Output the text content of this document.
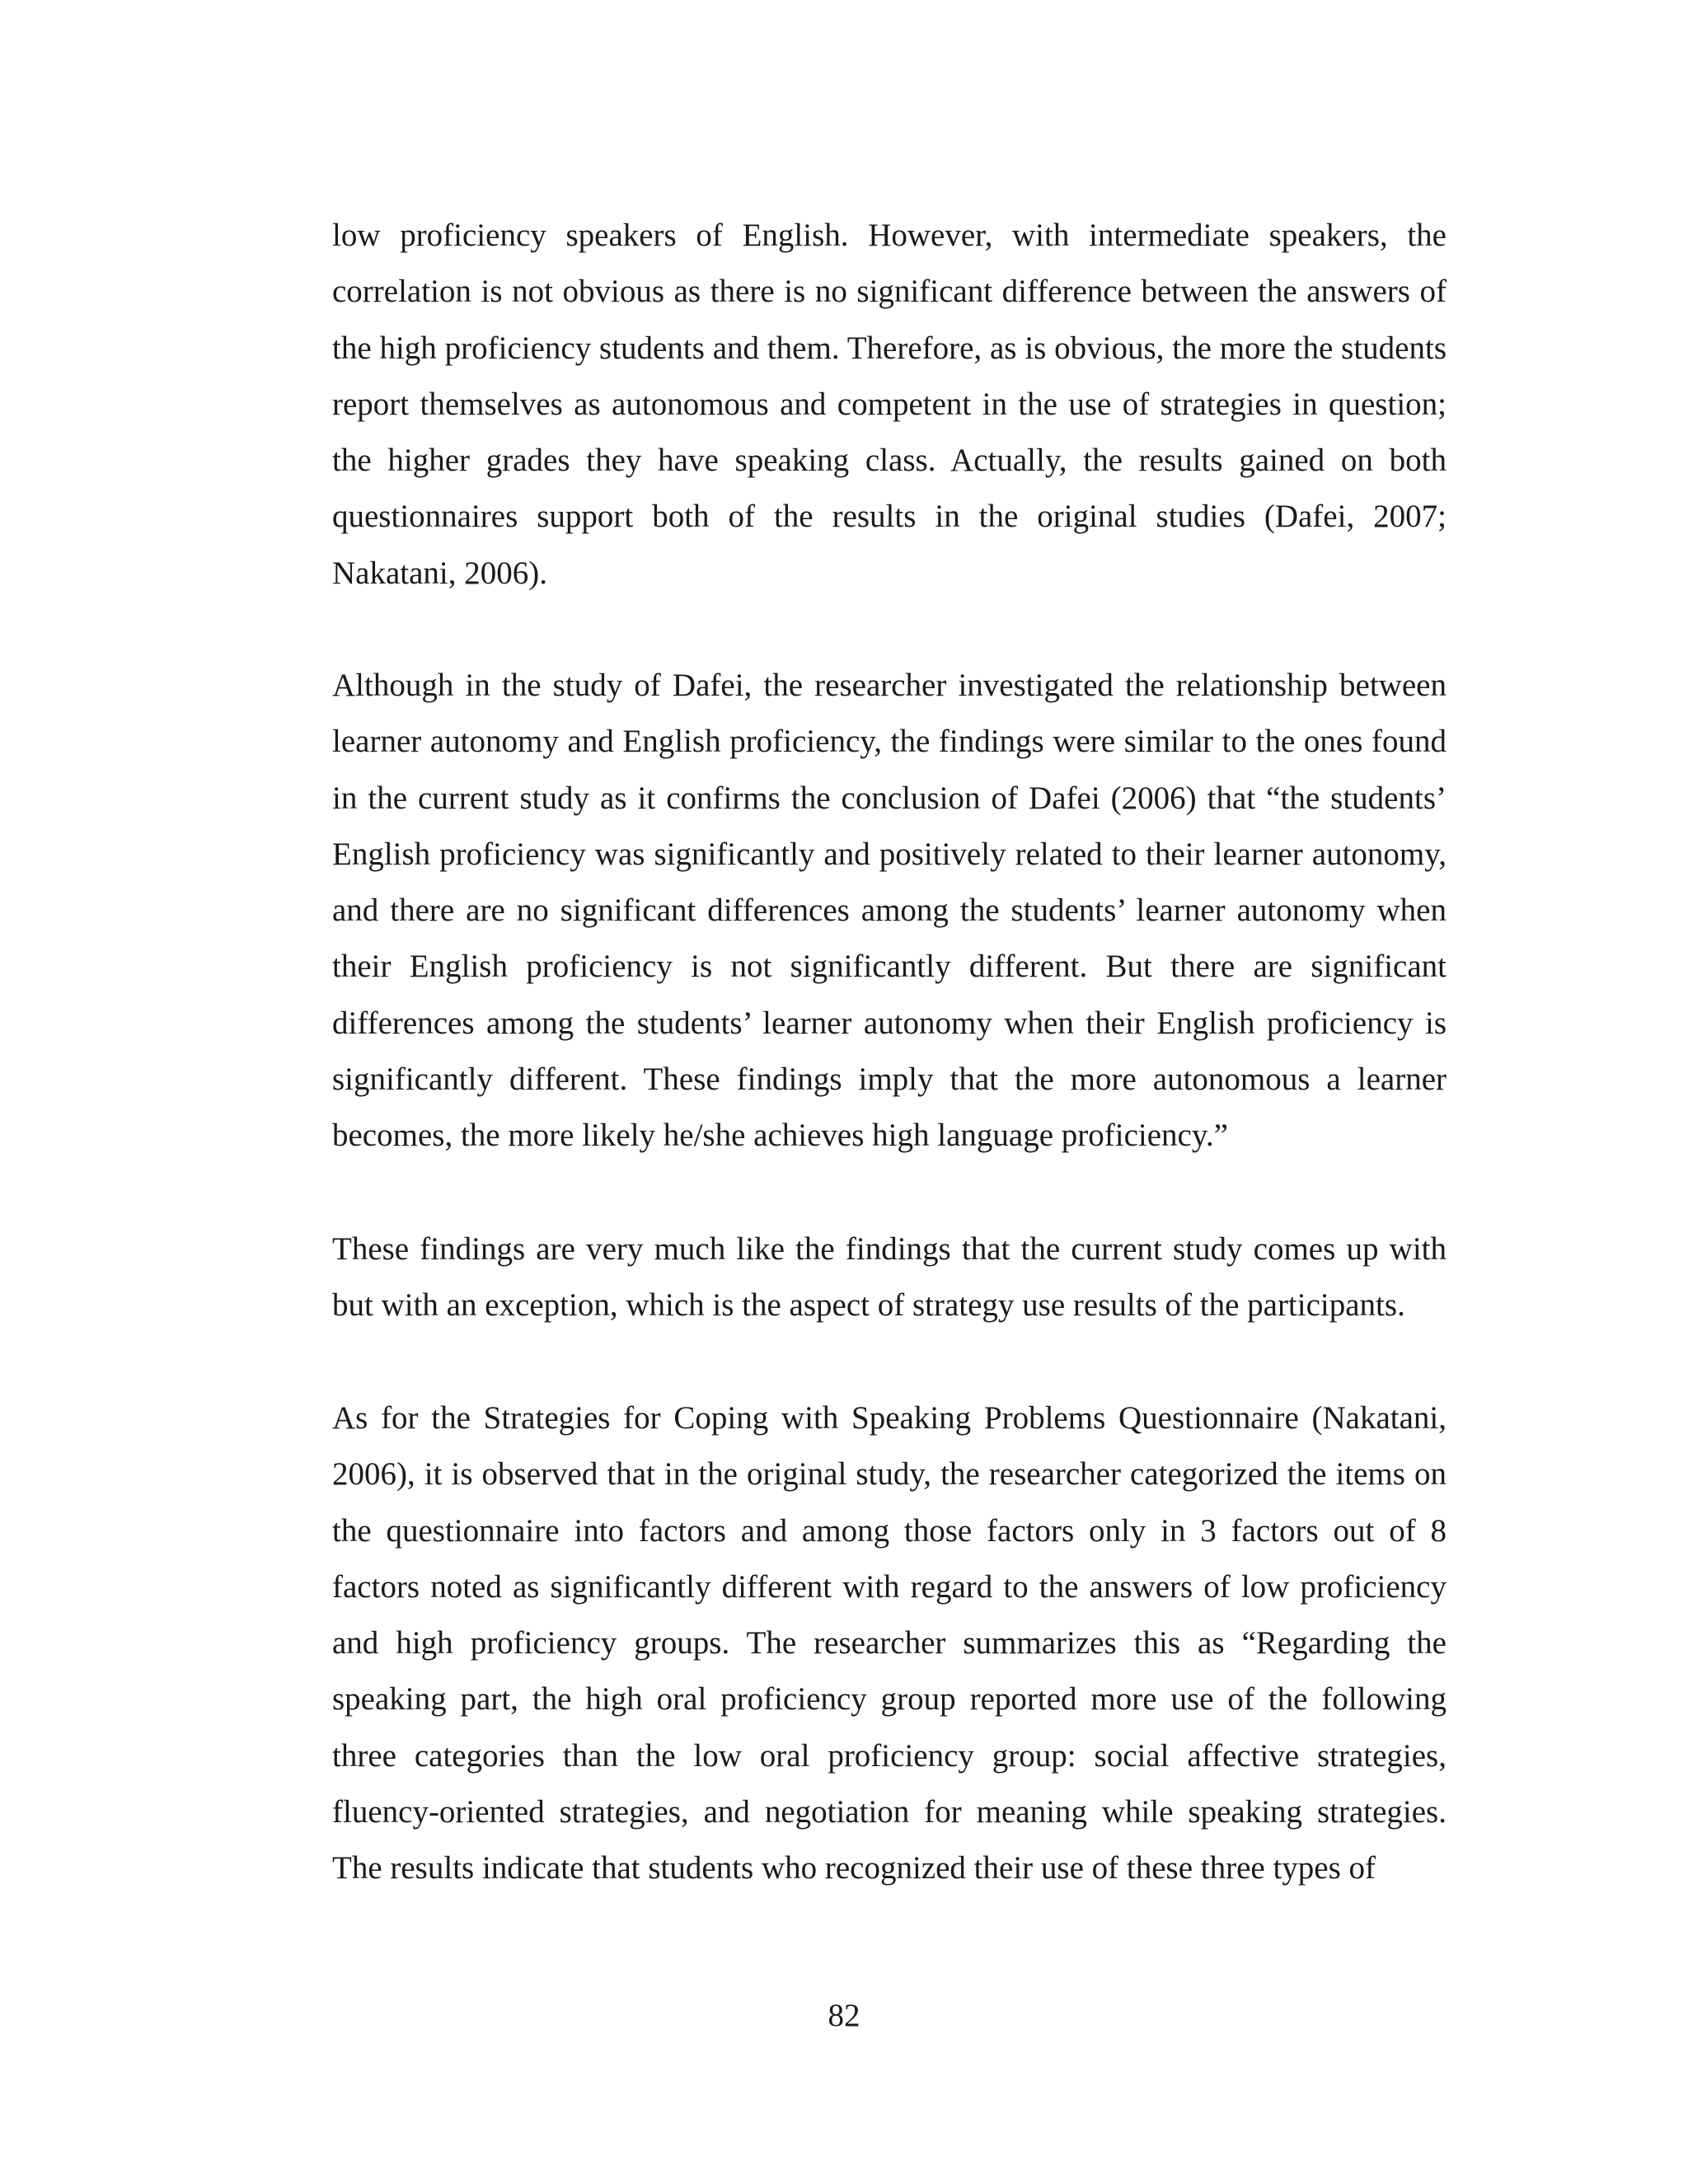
low proficiency speakers of English. However, with intermediate speakers, the correlation is not obvious as there is no significant difference between the answers of the high proficiency students and them. Therefore, as is obvious, the more the students report themselves as autonomous and competent in the use of strategies in question; the higher grades they have speaking class. Actually, the results gained on both questionnaires support both of the results in the original studies (Dafei, 2007; Nakatani, 2006).

Although in the study of Dafei, the researcher investigated the relationship between learner autonomy and English proficiency, the findings were similar to the ones found in the current study as it confirms the conclusion of Dafei (2006) that “the students’ English proficiency was significantly and positively related to their learner autonomy, and there are no significant differences among the students’ learner autonomy when their English proficiency is not significantly different. But there are significant differences among the students’ learner autonomy when their English proficiency is significantly different. These findings imply that the more autonomous a learner becomes, the more likely he/she achieves high language proficiency.”

These findings are very much like the findings that the current study comes up with but with an exception, which is the aspect of strategy use results of the participants.

As for the Strategies for Coping with Speaking Problems Questionnaire (Nakatani, 2006), it is observed that in the original study, the researcher categorized the items on the questionnaire into factors and among those factors only in 3 factors out of 8 factors noted as significantly different with regard to the answers of low proficiency and high proficiency groups. The researcher summarizes this as “Regarding the speaking part, the high oral proficiency group reported more use of the following three categories than the low oral proficiency group: social affective strategies, fluency-oriented strategies, and negotiation for meaning while speaking strategies. The results indicate that students who recognized their use of these three types of

82
